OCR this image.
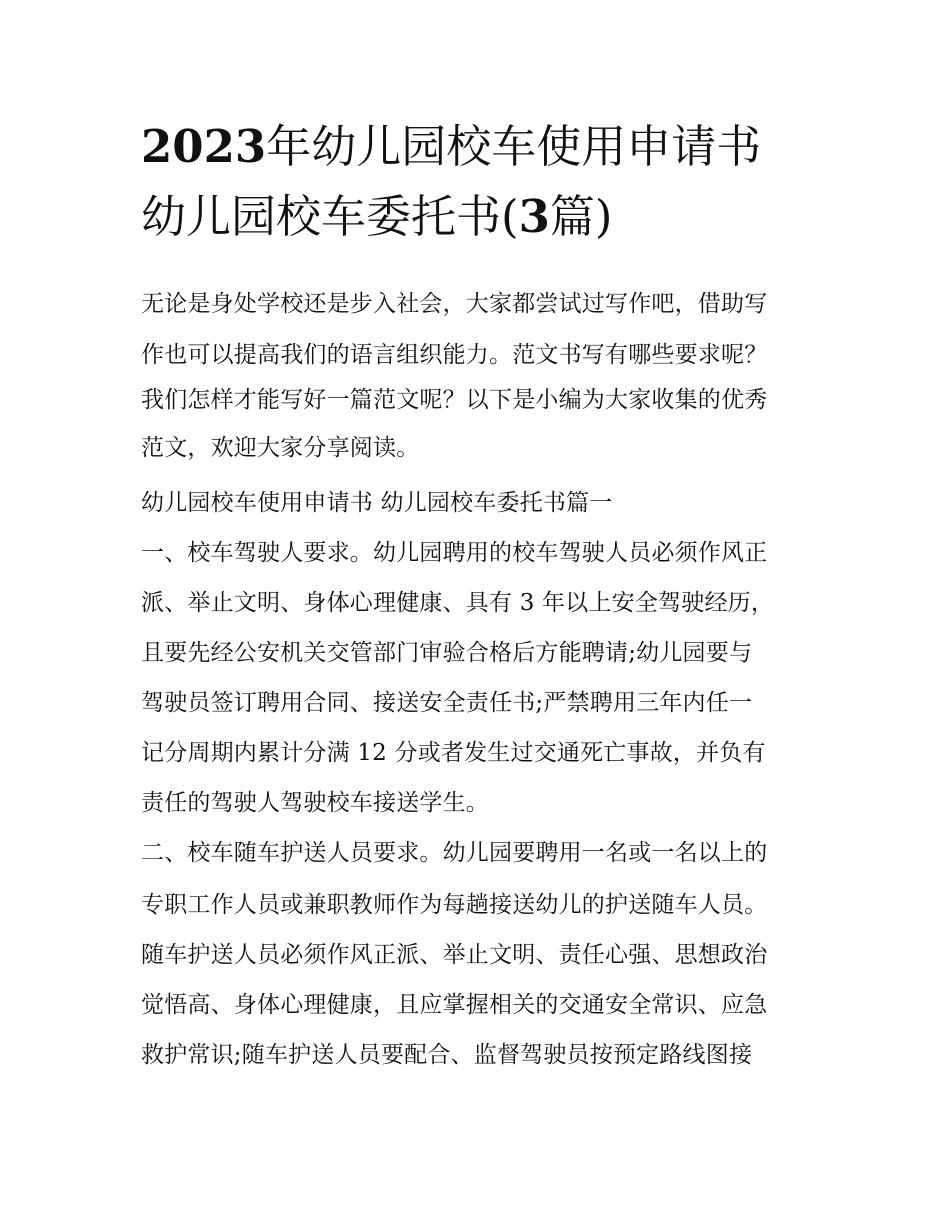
2023年幼儿园校车使用申请书
幼儿园校车委托书(3篇)

无论是身处学校还是步入社会，大家都尝试过写作吧，借助写

作也可以提高我们的语言组织能力。范文书写有哪些要求呢？

我们怎样才能写好一篇范文呢？以下是小编为大家收集的优秀

范文，欢迎大家分享阅读。

幼儿园校车使用申请书 幼儿园校车委托书篇一

一、校车驾驶人要求。幼儿园聘用的校车驾驶人员必须作风正

派、举止文明、身体心理健康、具有 3 年以上安全驾驶经历，

且要先经公安机关交管部门审验合格后方能聘请;幼儿园要与

驾驶员签订聘用合同、接送安全责任书;严禁聘用三年内任一

记分周期内累计分满 12 分或者发生过交通死亡事故，并负有

责任的驾驶人驾驶校车接送学生。

二、校车随车护送人员要求。幼儿园要聘用一名或一名以上的

专职工作人员或兼职教师作为每趟接送幼儿的护送随车人员。

随车护送人员必须作风正派、举止文明、责任心强、思想政治

觉悟高、身体心理健康，且应掌握相关的交通安全常识、应急

救护常识;随车护送人员要配合、监督驾驶员按预定路线图接
